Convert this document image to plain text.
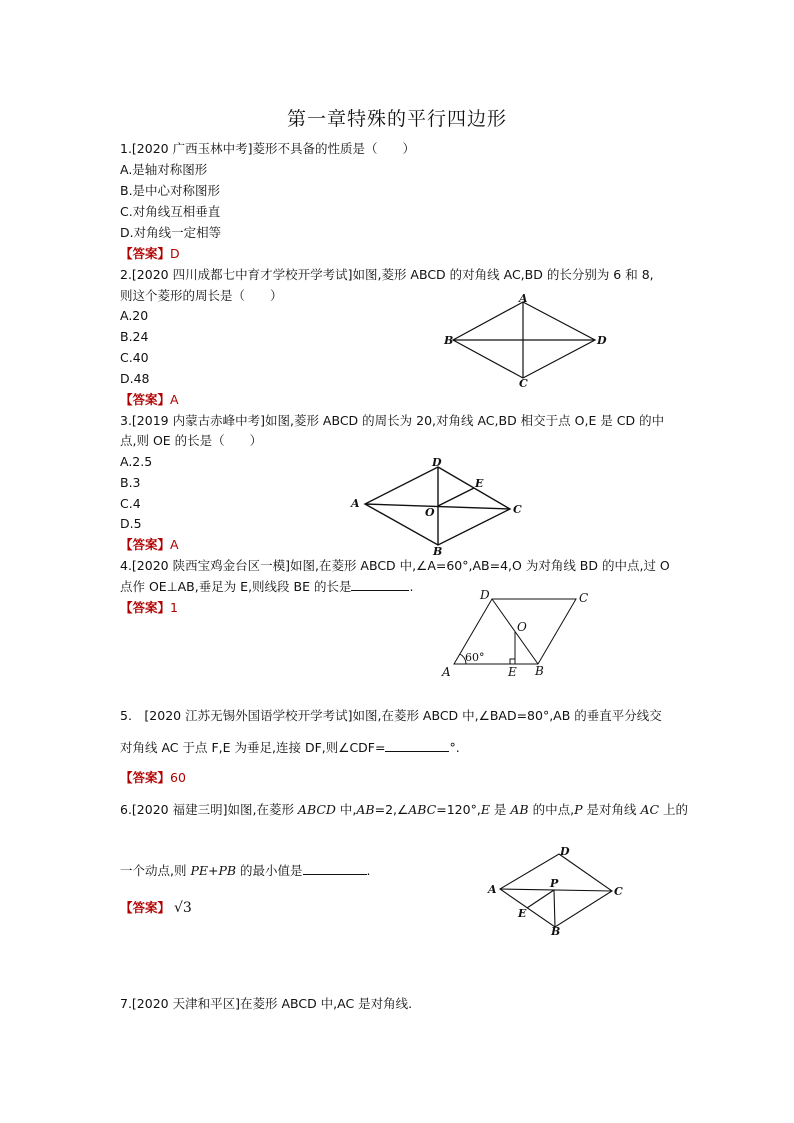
第一章特殊的平行四边形
1.[2020 广西玉林中考]菱形不具备的性质是（　　）
A.是轴对称图形
B.是中心对称图形
C.对角线互相垂直
D.对角线一定相等
【答案】D
2.[2020 四川成都七中育才学校开学考试]如图,菱形 ABCD 的对角线 AC,BD 的长分别为 6 和 8,
则这个菱形的周长是（　　）
A.20
B.24
C.40
D.48
【答案】A
A
B
C
D
3.[2019 内蒙古赤峰中考]如图,菱形 ABCD 的周长为 20,对角线 AC,BD 相交于点 O,E 是 CD 的中
点,则 OE 的长是（　　）
A.2.5
B.3
C.4
D.5
【答案】A
D
A	C
B
E
O
4.[2020 陕西宝鸡金台区一模]如图,在菱形 ABCD 中,∠A=60°,AB=4,O 为对角线 BD 的中点,过 O
点作 OE⊥AB,垂足为 E,则线段 BE 的长是	.
【答案】1
A	B
C
D
E
O
60°
5.　[2020 江苏无锡外国语学校开学考试]如图,在菱形 ABCD 中,∠BAD=80°,AB 的垂直平分线交
对角线 AC 于点 F,E 为垂足,连接 DF,则∠CDF=	°.
【答案】60
6.[2020 福建三明]如图,在菱形 ABCD 中,AB=2,∠ABC=120°,E 是 AB 的中点,P 是对角线 AC 上的
一个动点,则 PE+PB 的最小值是	.
【答案】 √3
D
A	C
P
E
B
7.[2020 天津和平区]在菱形 ABCD 中,AC 是对角线.
